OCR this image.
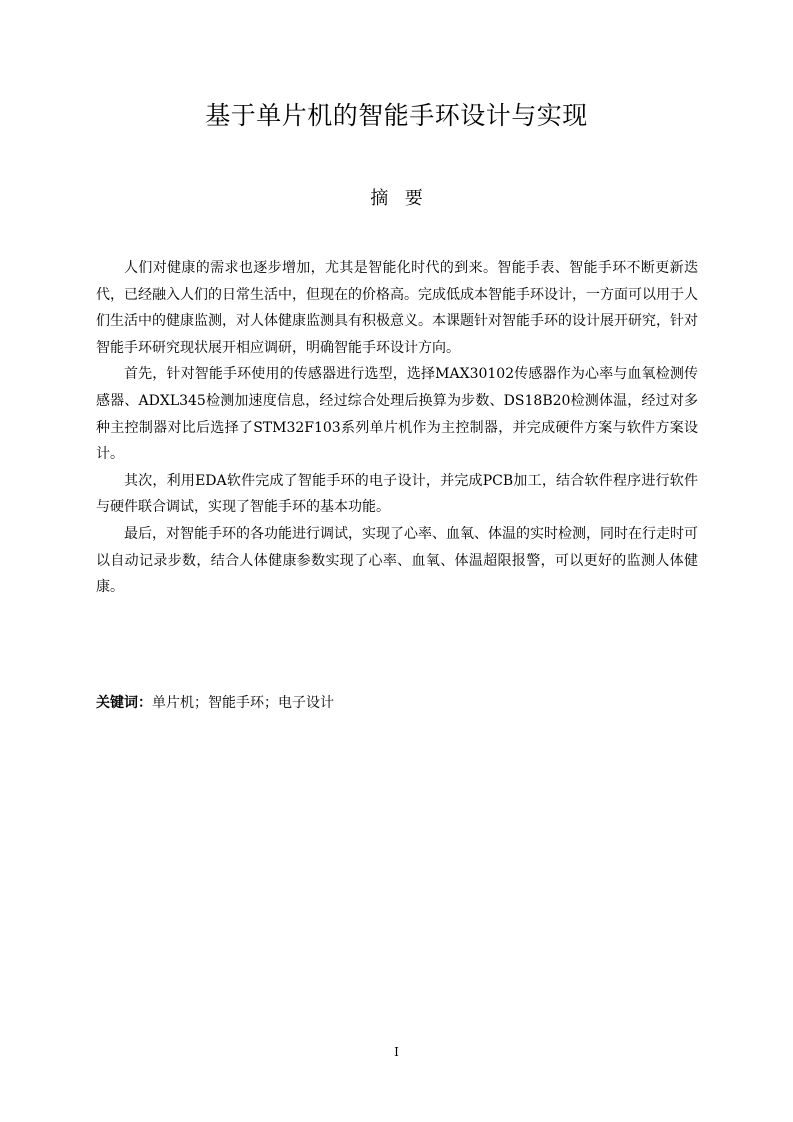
基于单片机的智能手环设计与实现
摘 要

人们对健康的需求也逐步增加，尤其是智能化时代的到来。智能手表、智能手环不断更新迭代，已经融入人们的日常生活中，但现在的价格高。完成低成本智能手环设计，一方面可以用于人们生活中的健康监测，对人体健康监测具有积极意义。本课题针对智能手环的设计展开研究，针对智能手环研究现状展开相应调研，明确智能手环设计方向。

首先，针对智能手环使用的传感器进行选型，选择MAX30102传感器作为心率与血氧检测传感器、ADXL345检测加速度信息，经过综合处理后换算为步数、DS18B20检测体温，经过对多种主控制器对比后选择了STM32F103系列单片机作为主控制器，并完成硬件方案与软件方案设计。

其次，利用EDA软件完成了智能手环的电子设计，并完成PCB加工，结合软件程序进行软件与硬件联合调试，实现了智能手环的基本功能。

最后，对智能手环的各功能进行调试，实现了心率、血氧、体温的实时检测，同时在行走时可以自动记录步数，结合人体健康参数实现了心率、血氧、体温超限报警，可以更好的监测人体健康。

关键词：单片机；智能手环；电子设计
I
